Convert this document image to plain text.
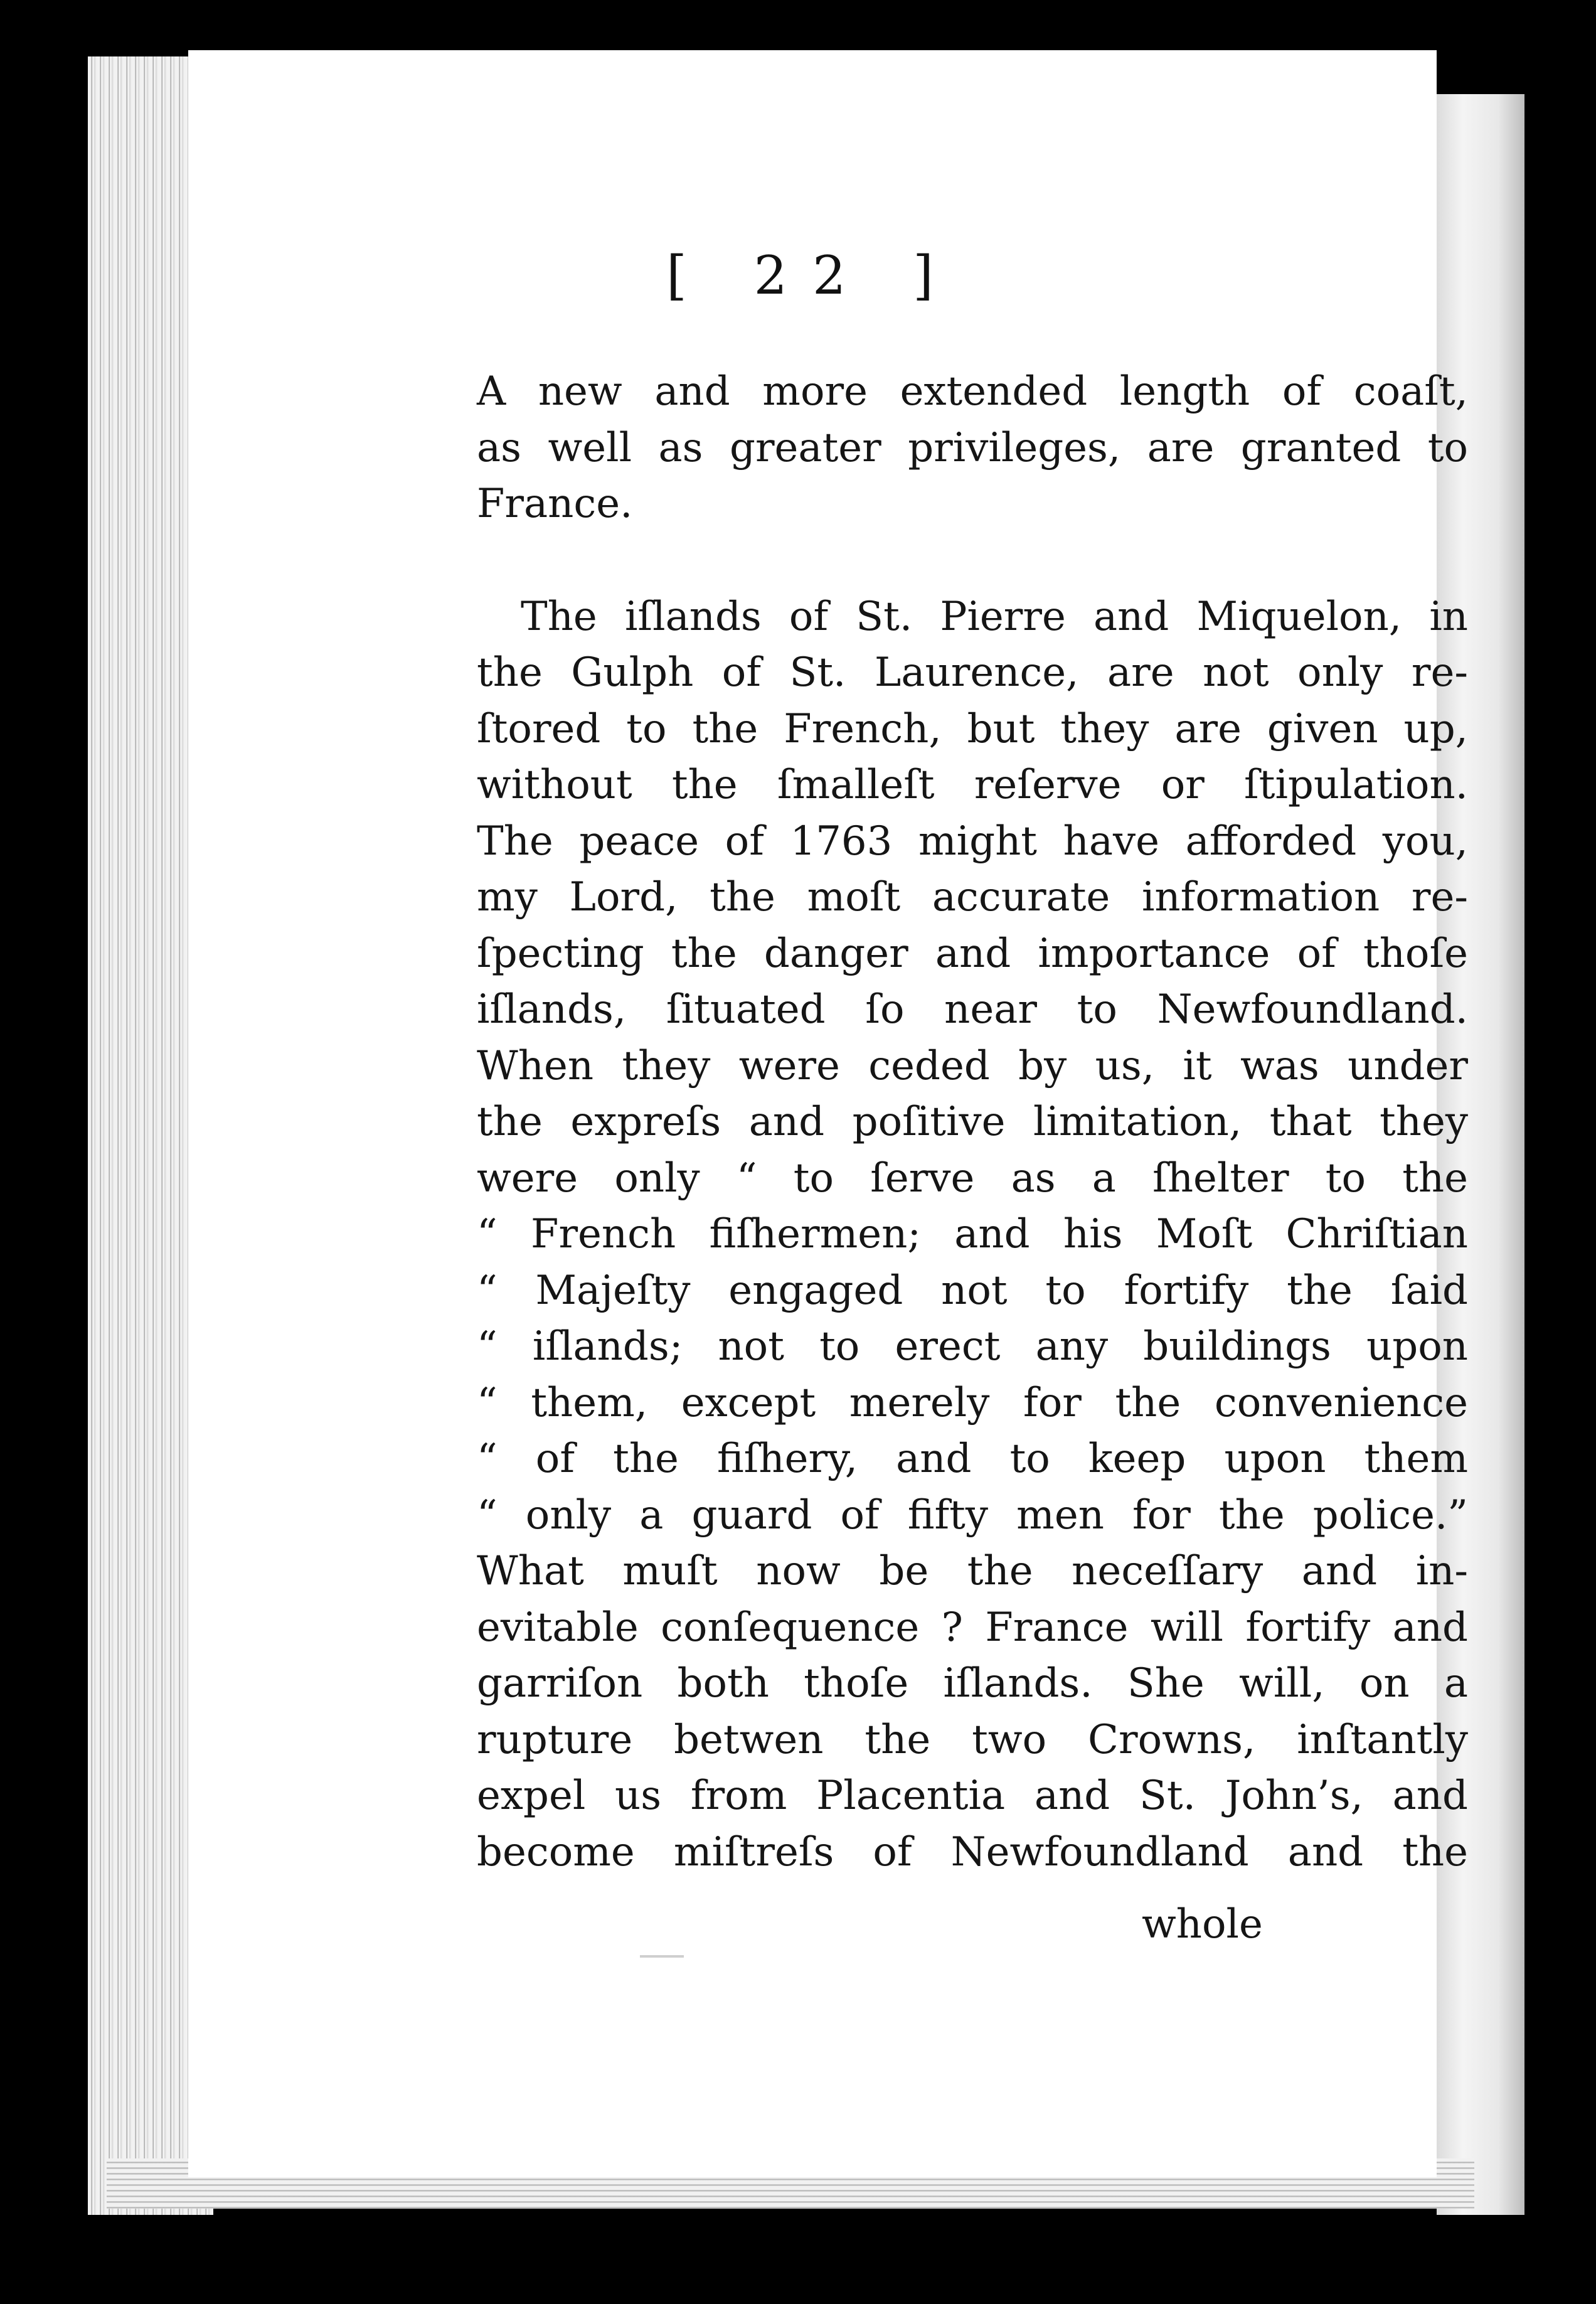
[ 22 ]
A new and more extended length of coaſt,
as well as greater privileges, are granted to
France.
The iſlands of St. Pierre and Miquelon, in
the Gulph of St. Laurence, are not only re-
ſtored to the French, but they are given up,
without the ſmalleſt reſerve or ſtipulation.
The peace of 1763 might have afforded you,
my Lord, the moſt accurate information re-
ſpecting the danger and importance of thoſe
iſlands, ſituated ſo near to Newfoundland.
When they were ceded by us, it was under
the expreſs and poſitive limitation, that they
were only “ to ſerve as a ſhelter to the
“ French fiſhermen; and his Moſt Chriſtian
“ Majeſty engaged not to fortify the ſaid
“ iſlands; not to erect any buildings upon
“ them, except merely for the convenience
“ of the fiſhery, and to keep upon them
“ only a guard of fifty men for the police.”
What muſt now be the neceſſary and in-
evitable conſequence ? France will fortify and
garriſon both thoſe iſlands. She will, on a
rupture betwen the two Crowns, inſtantly
expel us from Placentia and St. John’s, and
become miſtreſs of Newfoundland and the
whole
